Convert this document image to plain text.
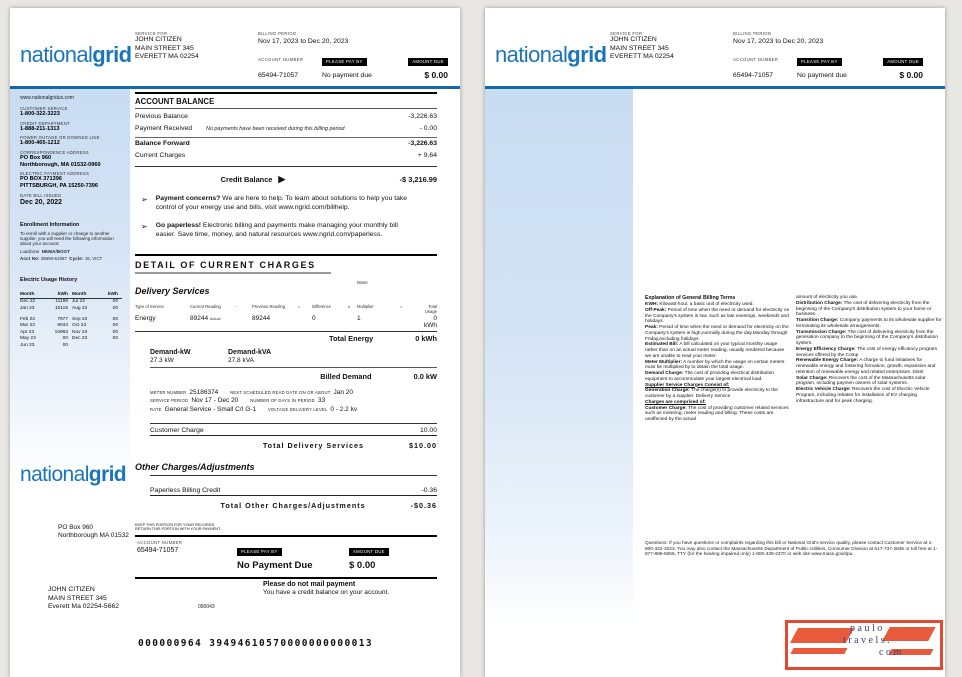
nationalgrid
SERVICE FOR
JOHN CITIZEN
MAIN STREET 345
EVERETT MA 02254
BILLING PERIOD
Nov 17, 2023 to Dec 20, 2023
ACCOUNT NUMBER	PLEASE PAY BY	AMOUNT DUE
65494-71057	No payment due	$ 0.00
www.nationalgridus.com
CUSTOMER SERVICE
1-800-322-3223
CREDIT DEPARTMENT
1-888-211-1313
POWER OUTAGE OR DOWNED LINE
1-800-465-1212
CORRESPONDENCE ADDRESS
PO Box 960
Northborough, MA 01532-0960
ELECTRIC PAYMENT ADDRESS
PO BOX 371396
PITTSBURGH, PA 15250-7396
DATE BILL ISSUED
Dec 20, 2022
Enrollment Information
To enroll with a supplier or change to another supplier, you will need the following information about your account:
Loadzone NEMA/BOST
Acct No: 39494-61057 Cycle: 15, VICT
Electric Usage History
Month	kWh Month	kWh
Dec 22	11196 Jul 23	00
Jan 23	10115 Aug 23	00
Feb 23	7977 Sep 23	00
Mar 23	9044 Oct 23	00
Apr 23	10983 Nov 23	00
May 23	00 Dec 23	00
Jun 23	00
ACCOUNT BALANCE
Previous Balance	-3,226.63
Payment Received	No payments have been received during this billing period	- 0.00
Balance Forward	-3,226.63
Current Charges	+ 9.64
Credit Balance ▶	-$ 3,216.99
➢ Payment concerns? We are here to help. To learn about solutions to help you take control of your energy use and bills, visit www.ngrid.com/billhelp.

➢ Go paperless! Electronic billing and payments make managing your monthly bill easier. Save time, money, and natural resources www.ngrid.com/paperless.

DETAIL OF CURRENT CHARGES
Meter
Delivery Services
Type of Service	Current Reading	-	Previous Reading	=	Difference	x	Multiplier	=	Total Usage
Energy	89244 Actual	89244	0	1	0 kWh
Total Energy	0 kWh
Demand-kW	Demand-kVA
27.3 kW	27.8 kVA
Billed Demand	0.0 kW
METER NUMBER 25186374	NEXT SCHEDULED READ DATE ON OR ABOUT Jan 20
SERVICE PERIOD Nov 17 - Dec 20	NUMBER OF DAYS IN PERIOD 33
RATE General Service - Small C/I G-1	VOLTAGE DELIVERY LEVEL 0 - 2.2 kv
Customer Charge	10.00
Total Delivery Services	$10.00
Other Charges/Adjustments
Paperless Billing Credit	-0.36
Total Other Charges/Adjustments	-$0.36
KEEP THIS PORTION FOR YOUR RECORDS.
RETURN THIS PORTION WITH YOUR PAYMENT.
ACCOUNT NUMBER
65494-71057	PLEASE PAY BY
No Payment Due
AMOUNT DUE
$ 0.00
nationalgrid
PO Box 960
Northborough MA 01532
JOHN CITIZEN
MAIN STREET 345
Everett Ma 02254-5662
Please do not mail payment
You have a credit balance on your account.
090043
000000964 39494610570000000000013
nationalgrid
SERVICE FOR
JOHN CITIZEN
MAIN STREET 345
EVERETT MA 02254
BILLING PERIOD
Nov 17, 2023 to Dec 20, 2023
ACCOUNT NUMBER	PLEASE PAY BY	AMOUNT DUE
65494-71057	No payment due	$ 0.00

Explanation of General Billing Terms

KWH: Kilowatt-hour, a basic unit of electricity used.

Off-Peak: Period of time when the need or demand for electricity on the Company's system is low, such as late evenings, weekends and holidays.

Peak: Period of time when the need or demand for electricity on the Company's system is high,normally during the day,Monday through Friday,excluding holidays

Estimated Bill: A bill calculated on your typical monthly usage rather than on an actual meter reading, usually rendered because we are unable to read your meter.

Meter Multiplier: A number by which the usage on certain meters must be multiplied by to obtain the total usage.

Demand Charge: The cost of providing electrical distribution equipment to accommodate your largest electrical load.

Supplier Service Charges Consist of:

Generation Charge: The charge(s) to provide electricity to the customer by a supplier. Delivery Service

Charges are comprised of:

Customer Charge: The cost of providing customer related services such as metering, meter reading and billing. These costs are unaffected by the actual

amount of electricity you use.

Distribution Charge: The cost of delivering electricity from the beginning of the Company's distribution system to your home or business.

Transition Charge: Company payments to its wholesale supplier for terminating its wholesale arrangements.

Transmission Charge: The cost of delivering electricity from the generation company to the beginning of the Company's distribution system.

Energy Efficiency Charge: The cost of energy efficiency program services offered by the Comp

Renewable Energy Charge: A charge to fund initiatives for renewable energy and fostering formation, growth, expansion and retention of renewable energy and related enterprises. Distri

Solar Charge: Recovers the cost of the Massachusetts solar program, including paymen owners of solar systems.

Electric Vehicle Charge: Recovers the cost of Electric Vehicle Program, including rebates for installation of EV charging infrastructure and for peak charging.

Questions: If you have questions or complaints regarding this bill or National Grid's service quality, please contact Customer Service at 1-800-322-3223. You may also contact the Massachusetts Department of Public Utilities, Consumer Division at 617-737-2836 or toll free at 1-877-886-5066, TTY (for the hearing impaired only) 1-800-439-2370 or web site www.mass.gov/dpu.
paulo
travels.
com
